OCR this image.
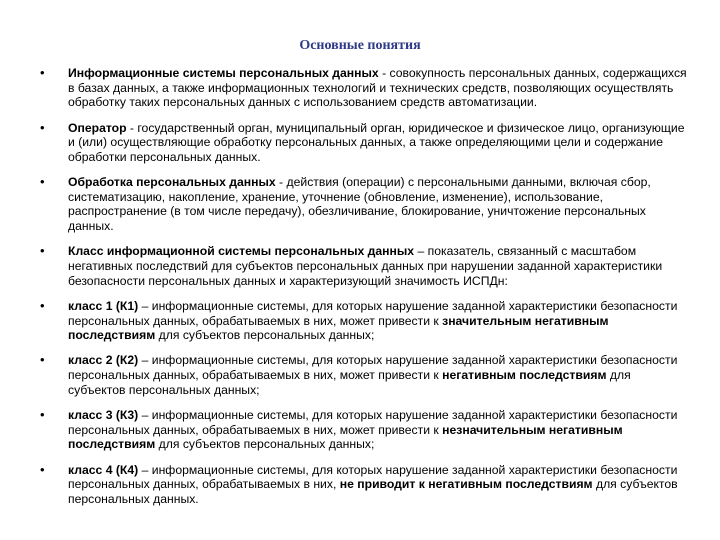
Основные понятия
• Информационные системы персональных данных - совокупность персональных данных, содержащихся в базах данных, а также информационных технологий и технических средств, позволяющих осуществлять обработку таких персональных данных с использованием средств автоматизации.
• Оператор - государственный орган, муниципальный орган, юридическое и физическое лицо, организующие и (или) осуществляющие обработку персональных данных, а также определяющими цели и содержание обработки персональных данных.
• Обработка персональных данных - действия (операции) с персональными данными, включая сбор, систематизацию, накопление, хранение, уточнение (обновление, изменение), использование, распространение (в том числе передачу), обезличивание, блокирование, уничтожение персональных данных.
• Класс информационной системы персональных данных – показатель, связанный с масштабом негативных последствий для субъектов персональных данных при нарушении заданной характеристики безопасности персональных данных и характеризующий значимость ИСПДн:
• класс 1 (К1) – информационные системы, для которых нарушение заданной характеристики безопасности персональных данных, обрабатываемых в них, может привести к значительным негативным последствиям для субъектов персональных данных;
• класс 2 (К2) – информационные системы, для которых нарушение заданной характеристики безопасности персональных данных, обрабатываемых в них, может привести к негативным последствиям для субъектов персональных данных;
• класс 3 (К3) – информационные системы, для которых нарушение заданной характеристики безопасности персональных данных, обрабатываемых в них, может привести к незначительным негативным последствиям для субъектов персональных данных;
• класс 4 (К4) – информационные системы, для которых нарушение заданной характеристики безопасности персональных данных, обрабатываемых в них, не приводит к негативным последствиям для субъектов персональных данных.
